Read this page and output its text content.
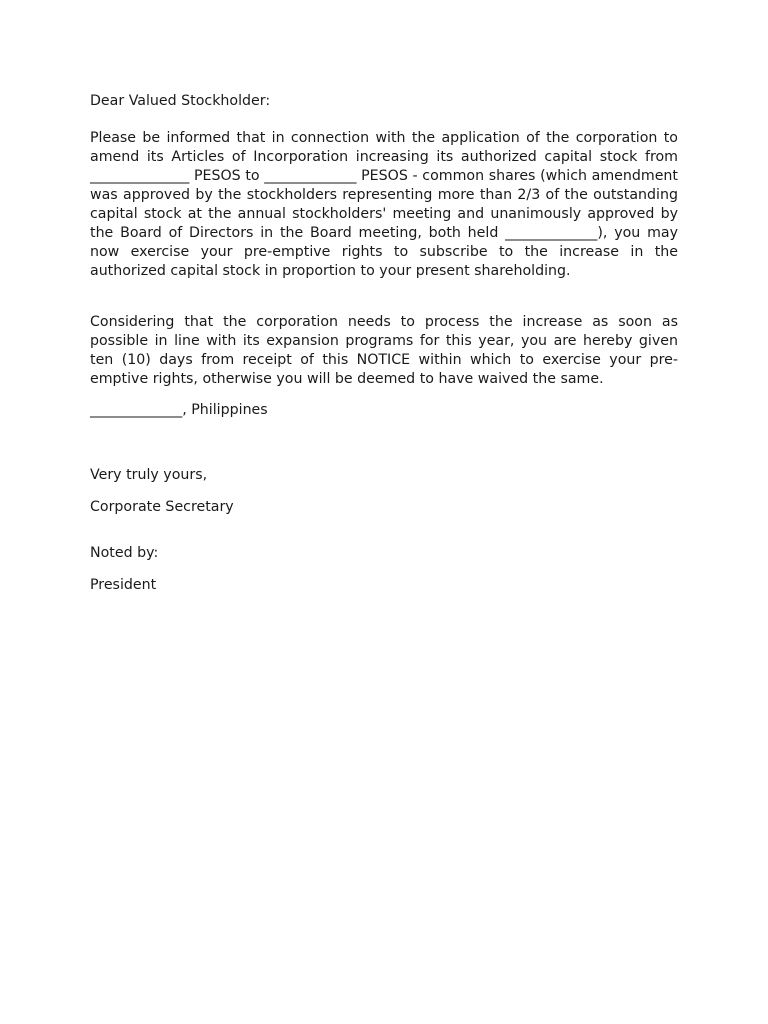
Dear Valued Stockholder:

Please be informed that in connection with the application of the corporation to amend its Articles of Incorporation increasing its authorized capital stock from ______________ PESOS to _____________ PESOS - common shares (which amendment was approved by the stockholders representing more than 2/3 of the outstanding capital stock at the annual stockholders' meeting and unanimously approved by the Board of Directors in the Board meeting, both held _____________), you may now exercise your pre-emptive rights to subscribe to the increase in the authorized capital stock in proportion to your present shareholding.

Considering that the corporation needs to process the increase as soon as possible in line with its expansion programs for this year, you are hereby given ten (10) days from receipt of this NOTICE within which to exercise your pre-emptive rights, otherwise you will be deemed to have waived the same.

_____________, Philippines

Very truly yours,

Corporate Secretary

Noted by:

President
